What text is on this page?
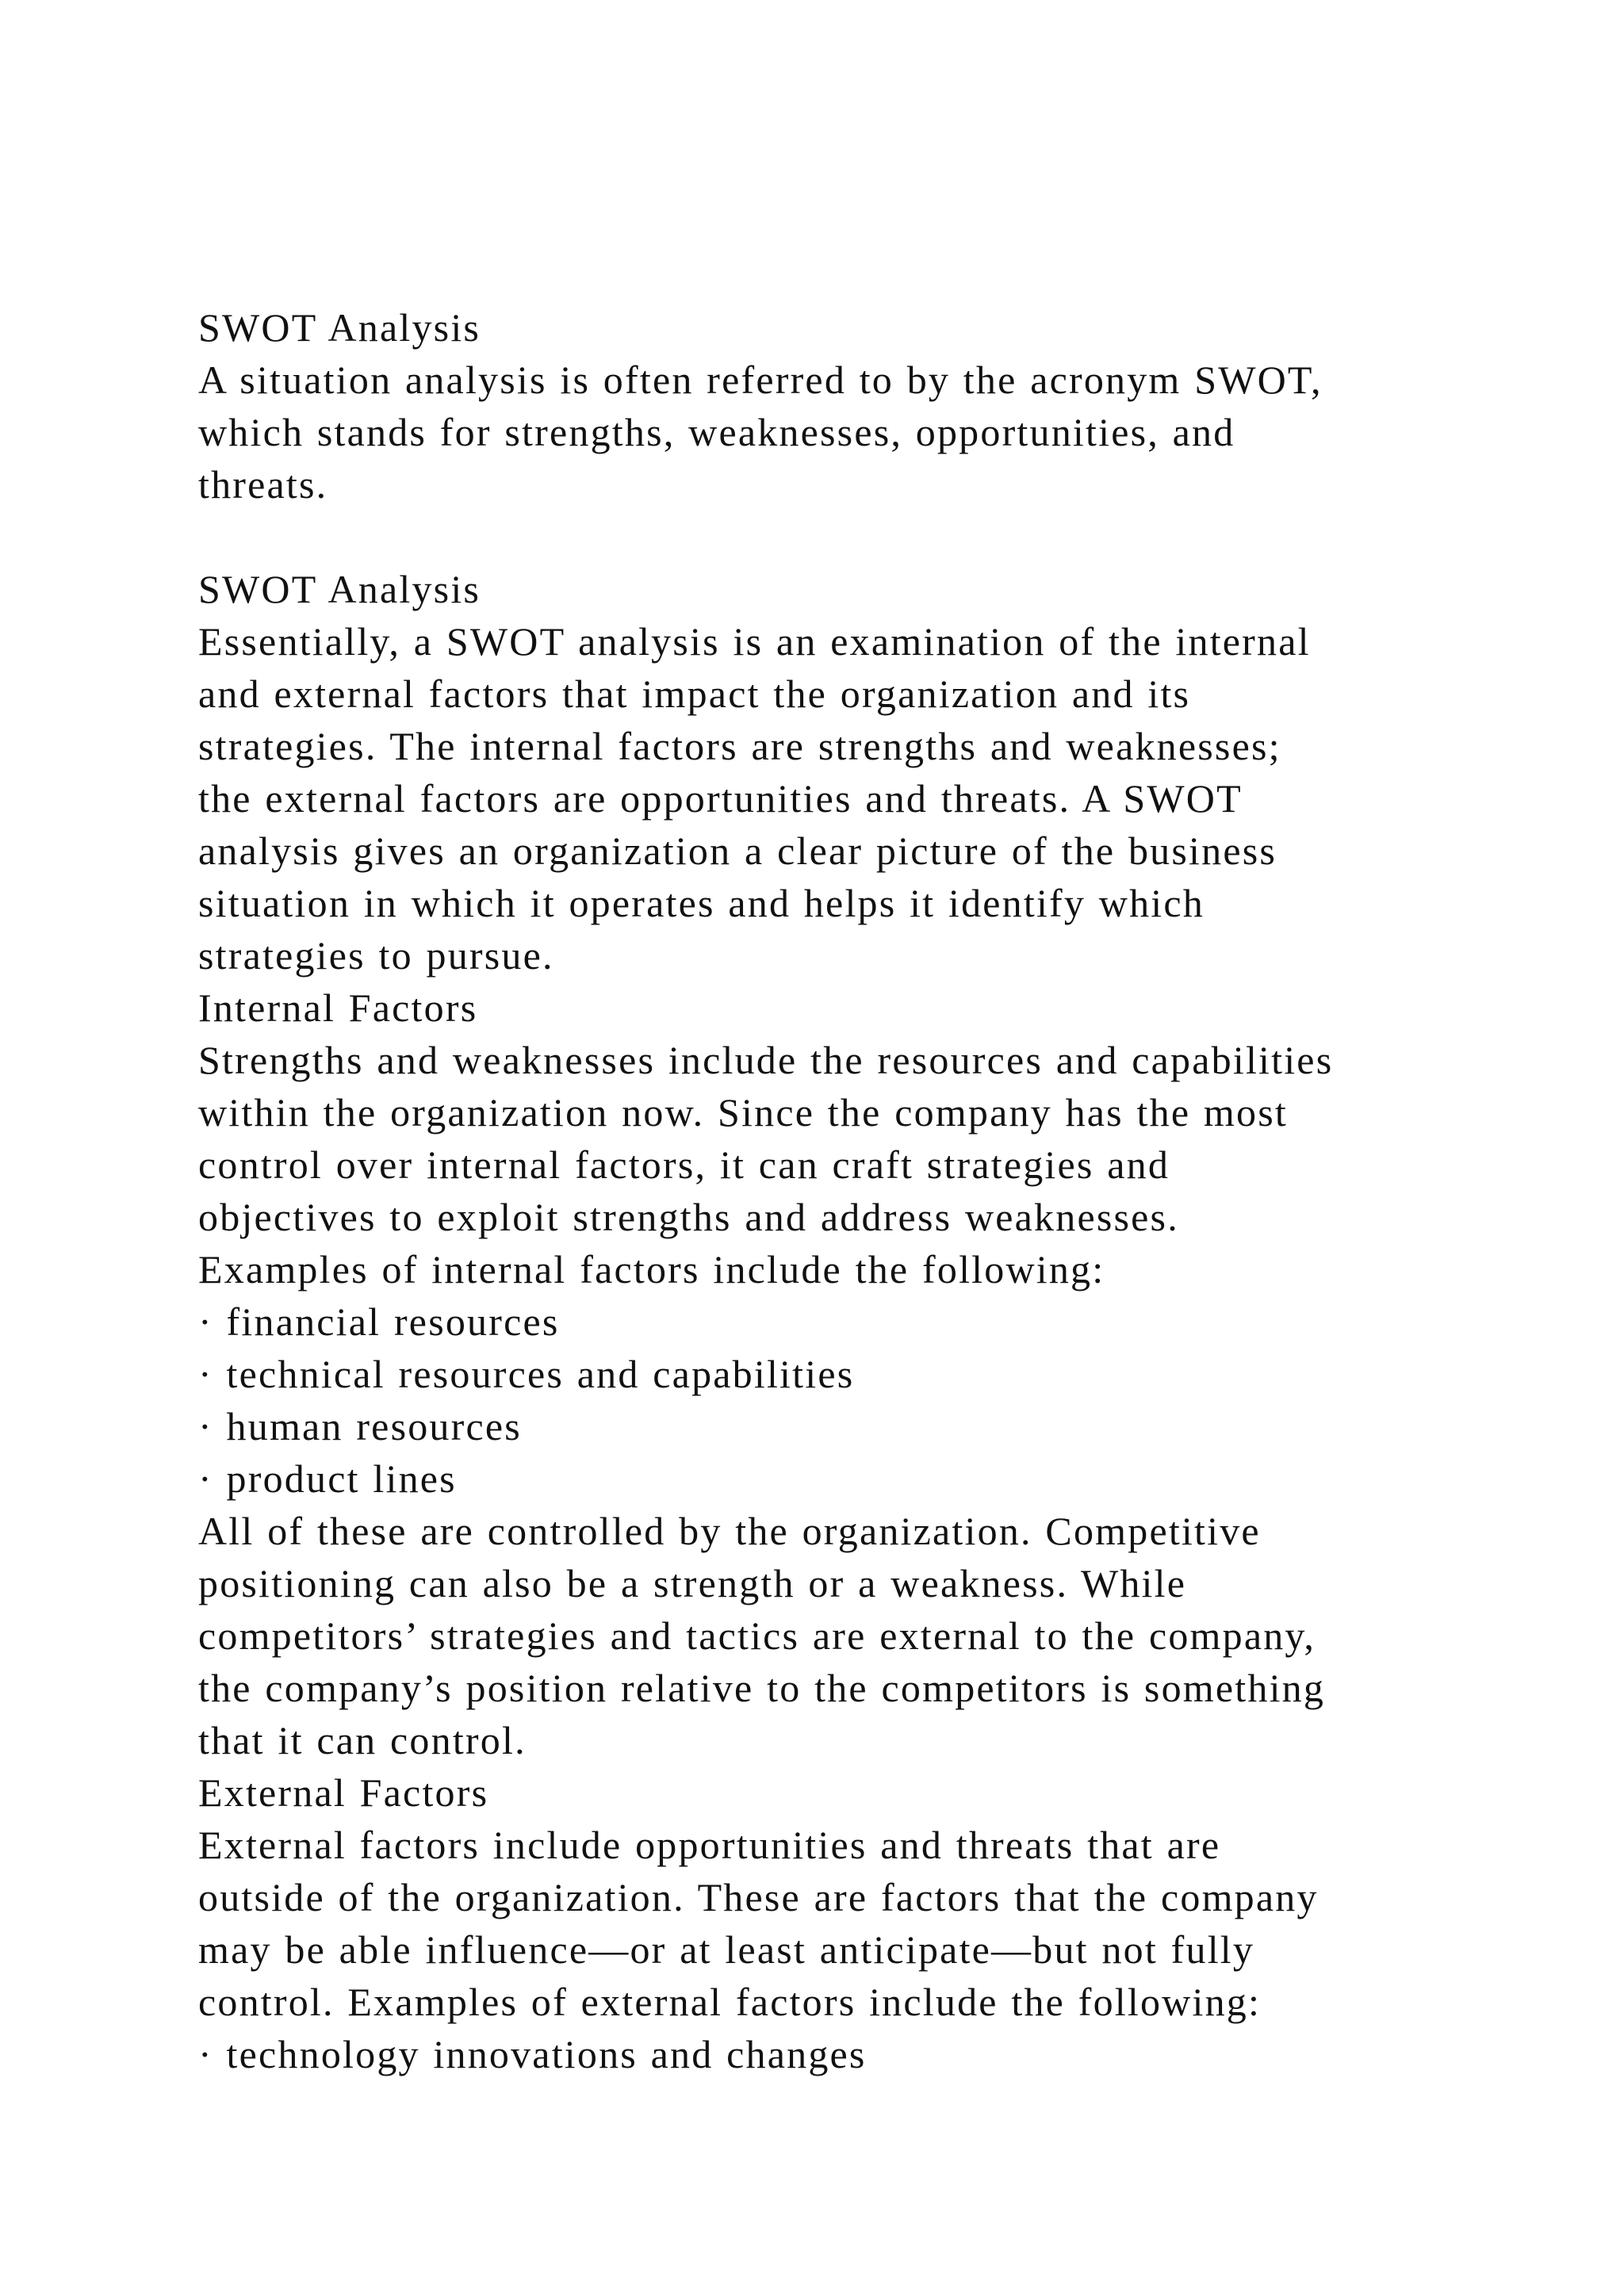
SWOT Analysis
A situation analysis is often referred to by the acronym SWOT,
which stands for strengths, weaknesses, opportunities, and
threats.
SWOT Analysis
Essentially, a SWOT analysis is an examination of the internal
and external factors that impact the organization and its
strategies. The internal factors are strengths and weaknesses;
the external factors are opportunities and threats. A SWOT
analysis gives an organization a clear picture of the business
situation in which it operates and helps it identify which
strategies to pursue.
Internal Factors
Strengths and weaknesses include the resources and capabilities
within the organization now. Since the company has the most
control over internal factors, it can craft strategies and
objectives to exploit strengths and address weaknesses.
Examples of internal factors include the following:
· financial resources
· technical resources and capabilities
· human resources
· product lines
All of these are controlled by the organization. Competitive
positioning can also be a strength or a weakness. While
competitors’ strategies and tactics are external to the company,
the company’s position relative to the competitors is something
that it can control.
External Factors
External factors include opportunities and threats that are
outside of the organization. These are factors that the company
may be able influence—or at least anticipate—but not fully
control. Examples of external factors include the following:
· technology innovations and changes
